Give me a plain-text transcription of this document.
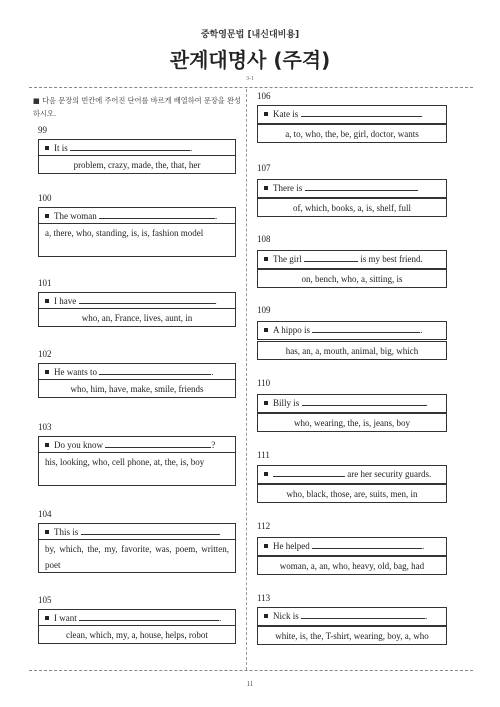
중학영문법 [내신대비용]
관계대명사 (주격)
3-1
■ 다음 문장의 빈칸에 주어진 단어를 바르게 배열하여 문장을 완성하시오.
99
It is	.
problem, crazy, made, the, that, her
100
The woman	.
a, there, who, standing, is, is, fashion model
101
I have	.
who, an, France, lives, aunt, in
102
He wants to	.
who, him, have, make, smile, friends
103
Do you know	?
his, looking, who, cell phone, at, the, is, boy
104
This is	.
by, which, the, my, favorite, was, poem, written, poet
105
I want	.
clean, which, my, a, house, helps, robot
106
Kate is	.
a, to, who, the, be, girl, doctor, wants
107
There is	.
of, which, books, a, is, shelf, full
108
The girl	is my best friend.
on, bench, who, a, sitting, is
109
A hippo is	.
has, an, a, mouth, animal, big, which
110
Billy is	.
who, wearing, the, is, jeans, boy
111
are her security guards.
who, black, those, are, suits, men, in
112
He helped	.
woman, a, an, who, heavy, old, bag, had
113
Nick is	.
white, is, the, T-shirt, wearing, boy, a, who
11
